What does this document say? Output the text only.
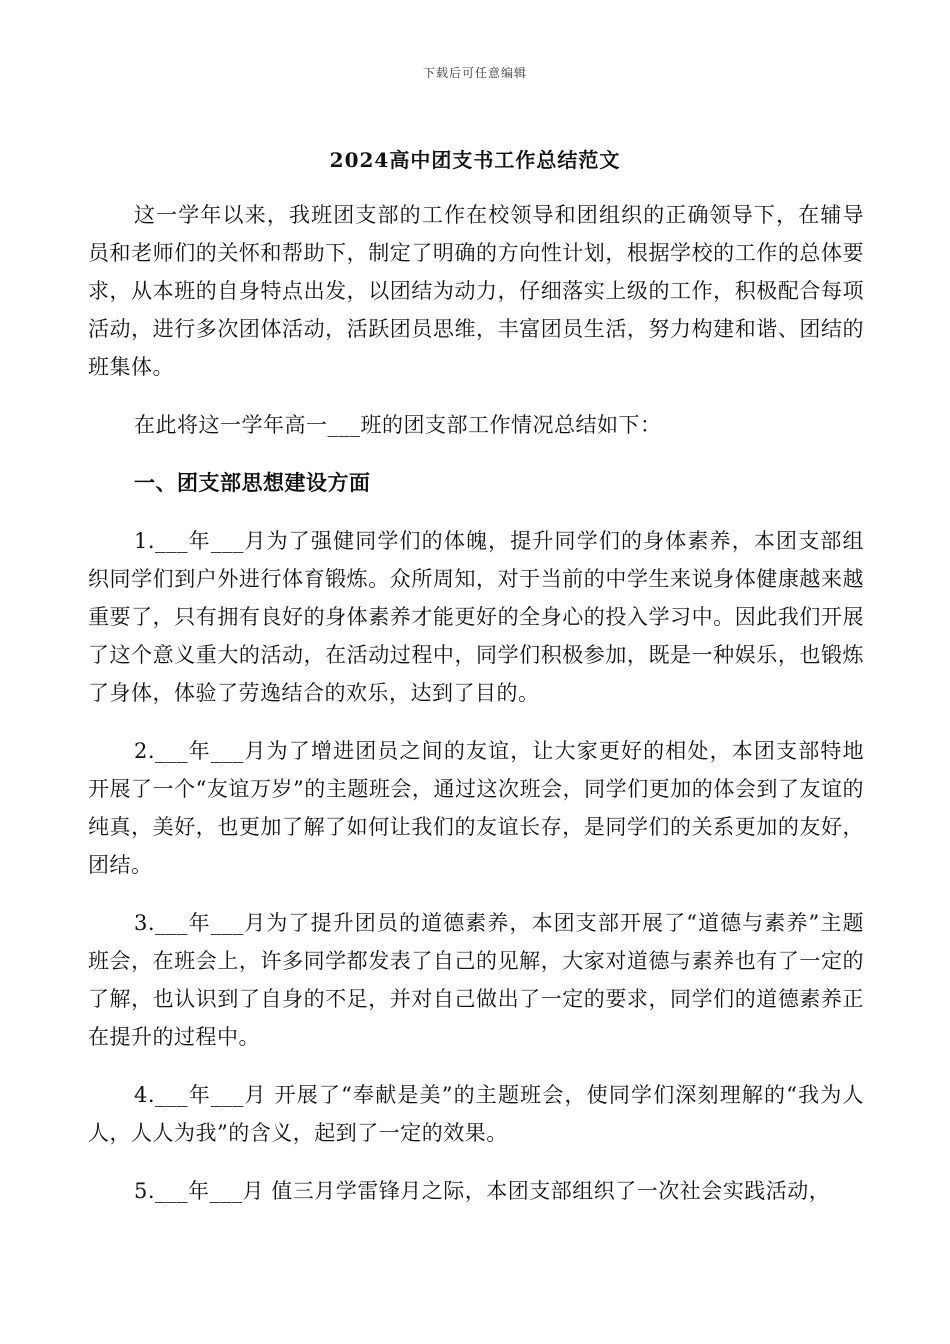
下载后可任意编辑
2024高中团支书工作总结范文

这一学年以来，我班团支部的工作在校领导和团组织的正确领导下，在辅导员和老师们的关怀和帮助下，制定了明确的方向性计划，根据学校的工作的总体要求，从本班的自身特点出发，以团结为动力，仔细落实上级的工作，积极配合每项活动，进行多次团体活动，活跃团员思维，丰富团员生活，努力构建和谐、团结的班集体。

在此将这一学年高一___班的团支部工作情况总结如下：

一、团支部思想建设方面

1.___年___月为了强健同学们的体魄，提升同学们的身体素养，本团支部组织同学们到户外进行体育锻炼。众所周知，对于当前的中学生来说身体健康越来越重要了，只有拥有良好的身体素养才能更好的全身心的投入学习中。因此我们开展了这个意义重大的活动，在活动过程中，同学们积极参加，既是一种娱乐，也锻炼了身体，体验了劳逸结合的欢乐，达到了目的。

2.___年___月为了增进团员之间的友谊，让大家更好的相处，本团支部特地开展了一个“友谊万岁”的主题班会，通过这次班会，同学们更加的体会到了友谊的纯真，美好，也更加了解了如何让我们的友谊长存，是同学们的关系更加的友好，团结。

3.___年___月为了提升团员的道德素养，本团支部开展了“道德与素养”主题班会，在班会上，许多同学都发表了自己的见解，大家对道德与素养也有了一定的了解，也认识到了自身的不足，并对自己做出了一定的要求，同学们的道德素养正在提升的过程中。

4.___年___月 开展了“奉献是美”的主题班会，使同学们深刻理解的“我为人人，人人为我”的含义，起到了一定的效果。

5.___年___月 值三月学雷锋月之际，本团支部组织了一次社会实践活动，
